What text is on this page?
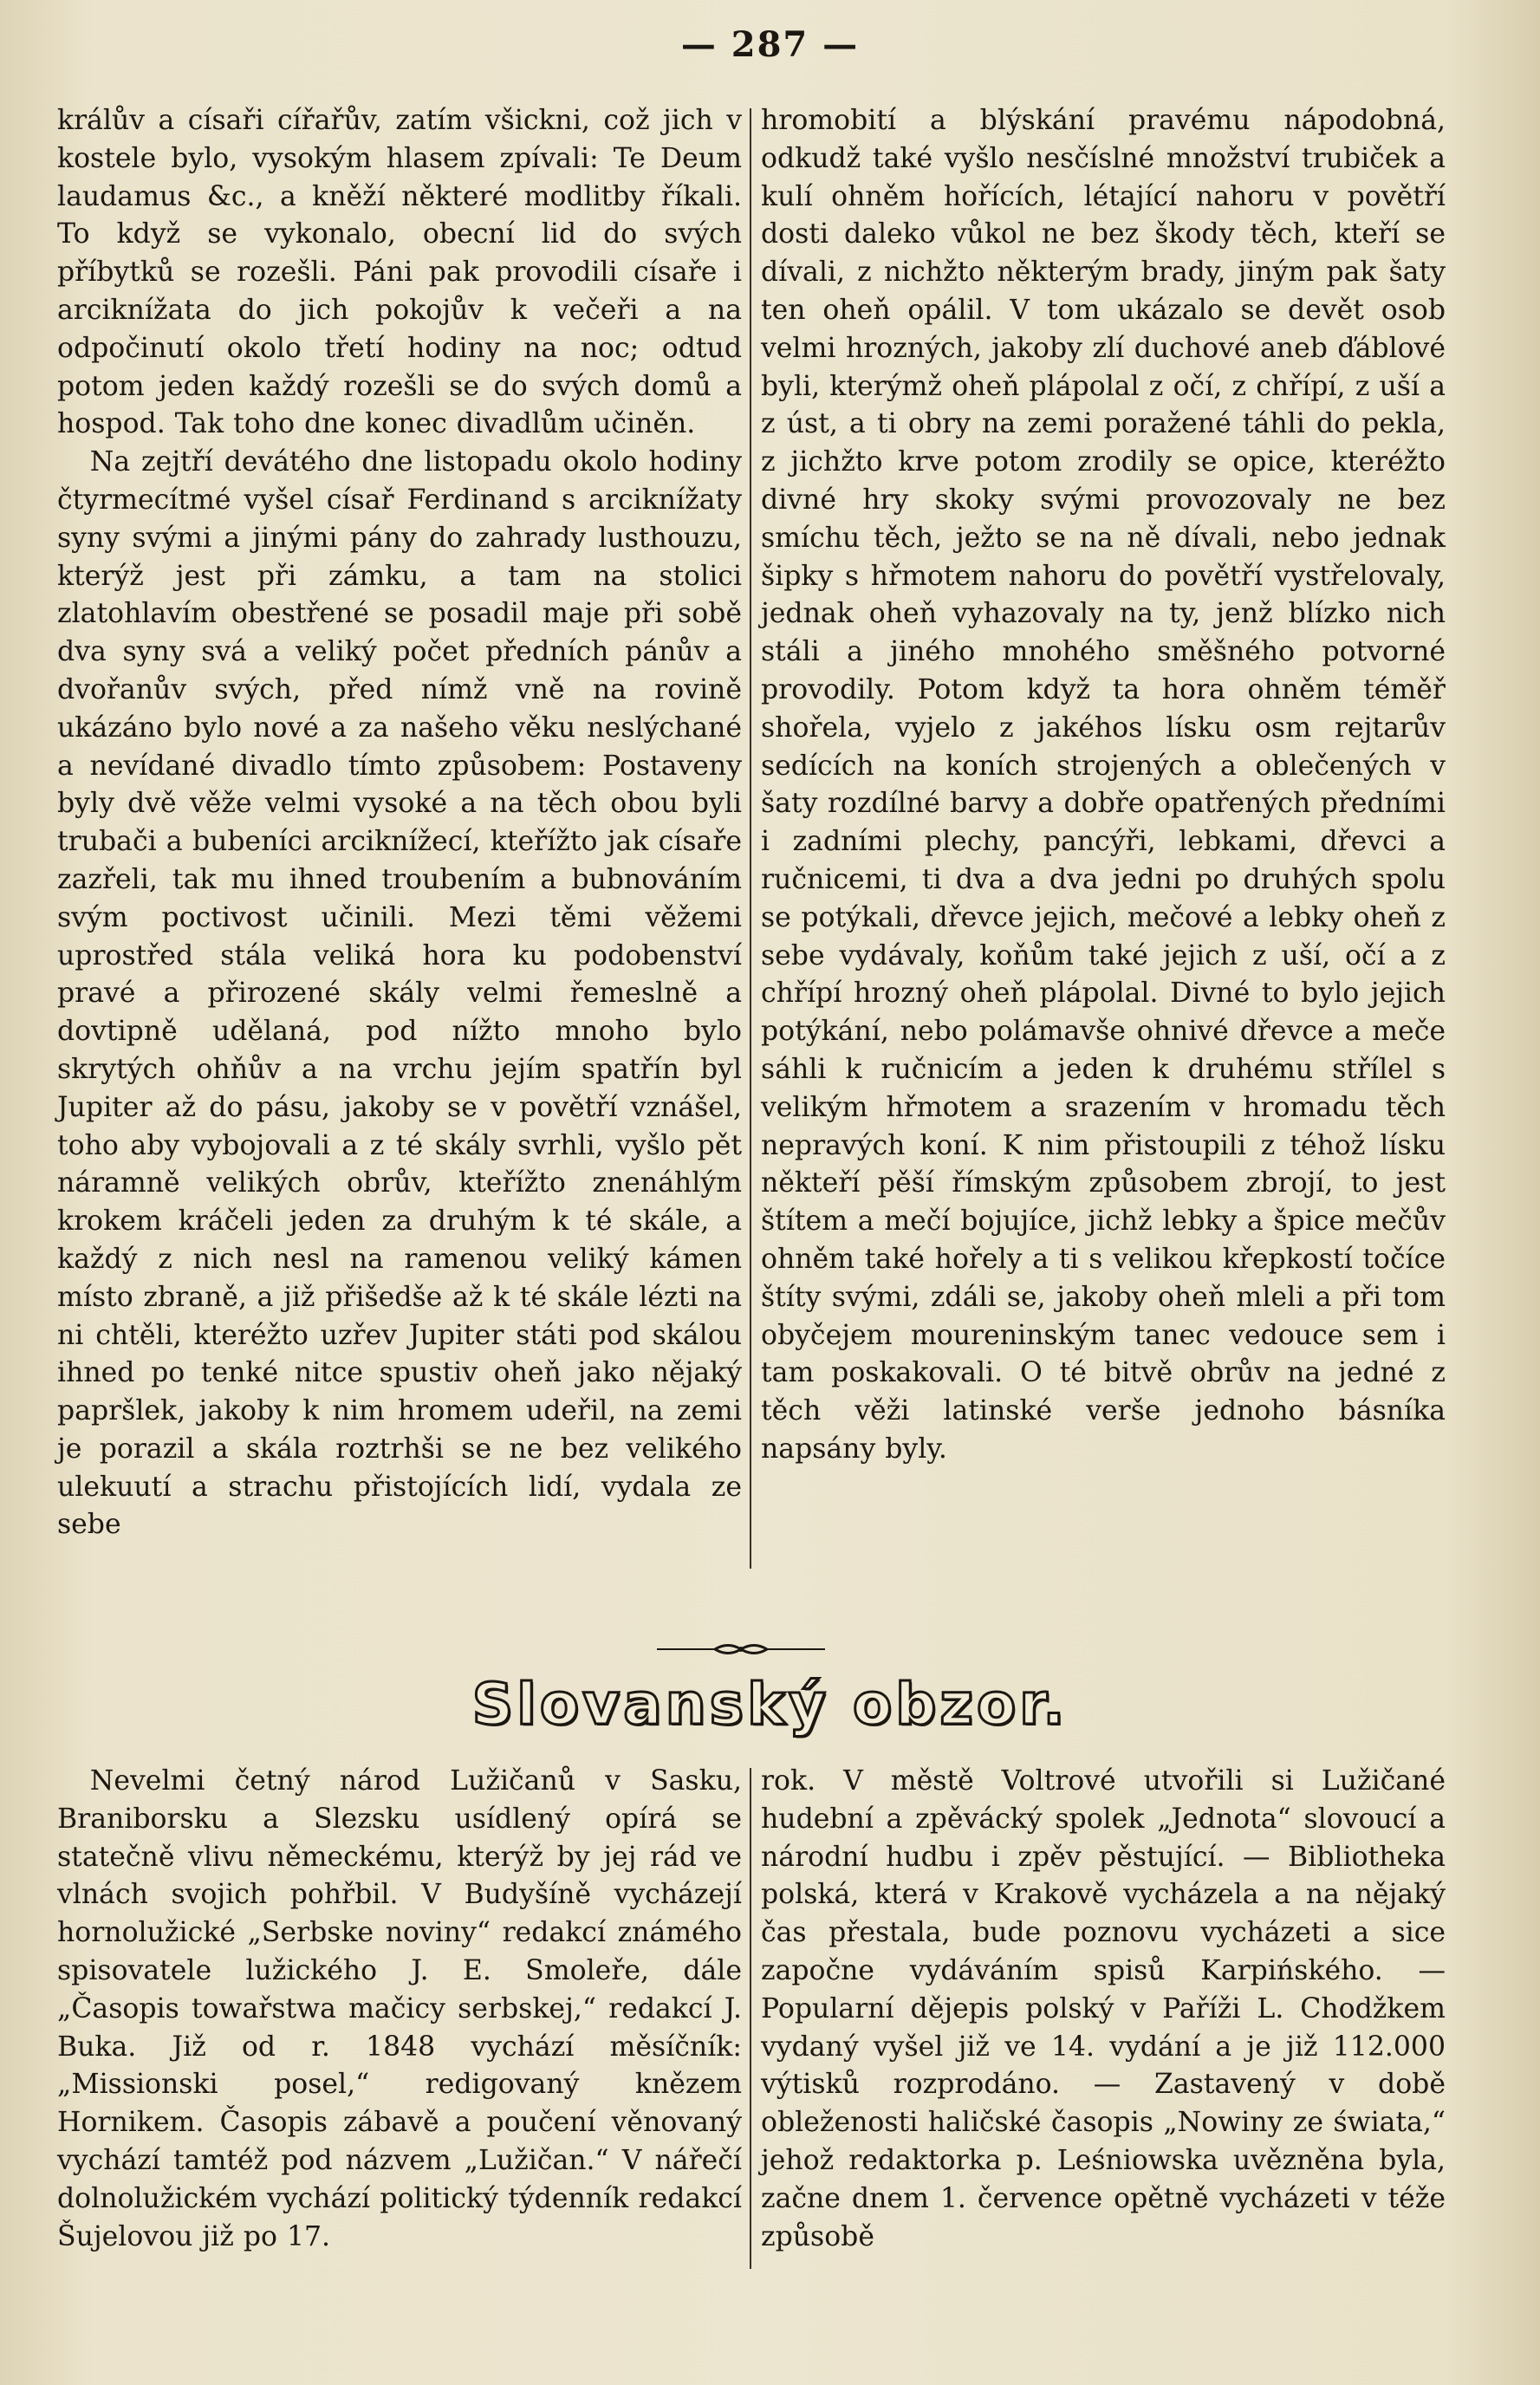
— 287 —

králův a císaři cířařův, zatím všickni, což jich v kostele bylo, vysokým hlasem zpívali: Te Deum laudamus &c., a kněží některé modlitby říkali. To když se vykonalo, obecní lid do svých příbytků se rozešli. Páni pak provodili císaře i arciknížata do jich pokojův k večeři a na odpočinutí okolo třetí hodiny na noc; odtud potom jeden každý rozešli se do svých domů a hospod. Tak toho dne konec divadlům učiněn.

Na zejtří devátého dne listopadu okolo hodiny čtyrmecítmé vyšel císař Ferdinand s arciknížaty syny svými a jinými pány do zahrady lusthouzu, kterýž jest při zámku, a tam na stolici zlatohlavím obestřené se posadil maje při sobě dva syny svá a veliký počet předních pánův a dvořanův svých, před nímž vně na rovině ukázáno bylo nové a za našeho věku neslýchané a nevídané divadlo tímto způsobem: Postaveny byly dvě věže velmi vysoké a na těch obou byli trubači a bubeníci arciknížecí, kteřížto jak císaře zazřeli, tak mu ihned troubením a bubnováním svým poctivost učinili. Mezi těmi věžemi uprostřed stála veliká hora ku podobenství pravé a přirozené skály velmi řemeslně a dovtipně udělaná, pod nížto mnoho bylo skrytých ohňův a na vrchu jejím spatřín byl Jupiter až do pásu, jakoby se v povětří vznášel, toho aby vybojovali a z té skály svrhli, vyšlo pět náramně velikých obrův, kteřížto znenáhlým krokem kráčeli jeden za druhým k té skále, a každý z nich nesl na ramenou veliký kámen místo zbraně, a již přišedše až k té skále lézti na ni chtěli, kteréžto uzřev Jupiter státi pod skálou ihned po tenké nitce spustiv oheň jako nějaký papršlek, jakoby k nim hromem udeřil, na zemi je porazil a skála roztrhši se ne bez velikého ulekuutí a strachu přistojících lidí, vydala ze sebe

hromobití a blýskání pravému nápodobná, odkudž také vyšlo nesčíslné množství trubiček a kulí ohněm hořících, létající nahoru v povětří dosti daleko vůkol ne bez škody těch, kteří se dívali, z nichžto některým brady, jiným pak šaty ten oheň opálil. V tom ukázalo se devět osob velmi hrozných, jakoby zlí duchové aneb ďáblové byli, kterýmž oheň plápolal z očí, z chřípí, z uší a z úst, a ti obry na zemi poražené táhli do pekla, z jichžto krve potom zrodily se opice, kteréžto divné hry skoky svými provozovaly ne bez smíchu těch, ježto se na ně dívali, nebo jednak šipky s hřmotem nahoru do povětří vystřelovaly, jednak oheň vyhazovaly na ty, jenž blízko nich stáli a jiného mnohého směšného potvorné provodily. Potom když ta hora ohněm téměř shořela, vyjelo z jakéhos lísku osm rejtarův sedících na koních strojených a oblečených v šaty rozdílné barvy a dobře opatřených předními i zadními plechy, pancýři, lebkami, dřevci a ručnicemi, ti dva a dva jedni po druhých spolu se potýkali, dřevce jejich, mečové a lebky oheň z sebe vydávaly, koňům také jejich z uší, očí a z chřípí hrozný oheň plápolal. Divné to bylo jejich potýkání, nebo polámavše ohnivé dřevce a meče sáhli k ručnicím a jeden k druhému střílel s velikým hřmotem a srazením v hromadu těch nepravých koní. K nim přistoupili z téhož lísku někteří pěší římským způsobem zbrojí, to jest štítem a mečí bojujíce, jichž lebky a špice mečův ohněm také hořely a ti s velikou křepkostí točíce štíty svými, zdáli se, jakoby oheň mleli a při tom obyčejem moureninským tanec vedouce sem i tam poskakovali. O té bitvě obrův na jedné z těch věži latinské verše jednoho básníka napsány byly.

Slovanský obzor.

Nevelmi četný národ Lužičanů v Sasku, Braniborsku a Slezsku usídlený opírá se statečně vlivu německému, kterýž by jej rád ve vlnách svojich pohřbil. V Budyšíně vycházejí hornolužické „Serbske noviny“ redakcí známého spisovatele lužického J. E. Smoleře, dále „Časopis towařstwa mačicy serbskej,“ redakcí J. Buka. Již od r. 1848 vychází měsíčník: „Missionski posel,“ redigovaný knězem Hornikem. Časopis zábavě a poučení věnovaný vychází tamtéž pod názvem „Lužičan.“ V nářečí dolnolužickém vychází politický týdenník redakcí Šujelovou již po 17.

rok. V městě Voltrové utvořili si Lužičané hudební a zpěvácký spolek „Jednota“ slovoucí a národní hudbu i zpěv pěstující. — Bibliotheka polská, která v Krakově vycházela a na nějaký čas přestala, bude poznovu vycházeti a sice započne vydáváním spisů Karpińského. — Popularní dějepis polský v Paříži L. Chodžkem vydaný vyšel již ve 14. vydání a je již 112.000 výtisků rozprodáno. — Zastavený v době obleženosti haličské časopis „Nowiny ze świata,“ jehož redaktorka p. Leśniowska uvězněna byla, začne dnem 1. července opětně vycházeti v téže způsobě
